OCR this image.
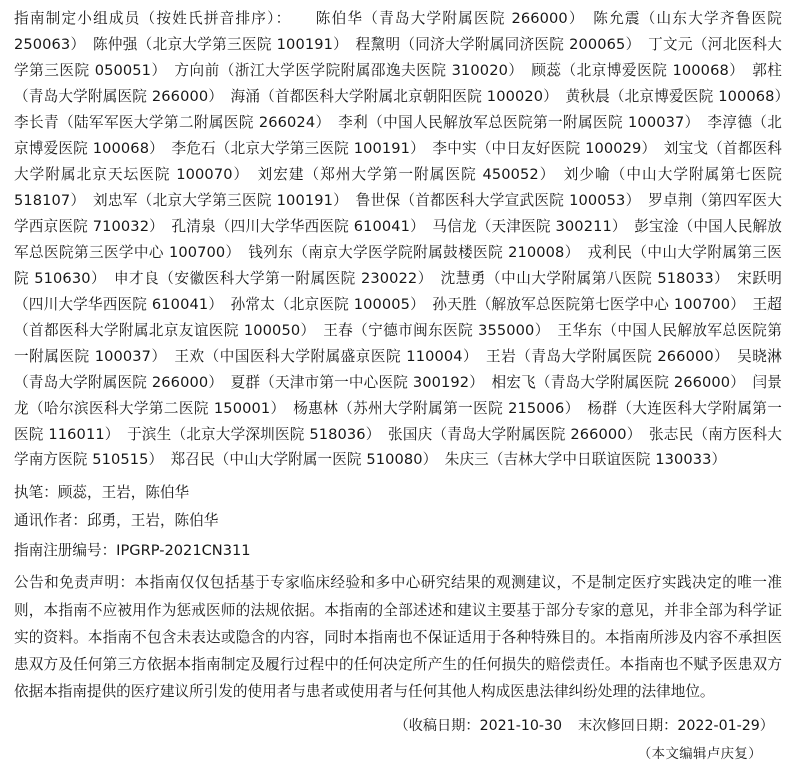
指南制定小组成员（按姓氏拼音排序）：　　陈伯华（青岛大学附属医院 266000）　陈允震（山东大学齐鲁医院 250063）　陈仲强（北京大学第三医院 100191）　程黧明（同济大学附属同济医院 200065）　丁文元（河北医科大学第三医院 050051）　方向前（浙江大学医学院附属邵逸夫医院 310020）　顾蕊（北京博爱医院 100068）　郭柱（青岛大学附属医院 266000）　海涌（首都医科大学附属北京朝阳医院 100020）　黄秋晨（北京博爱医院 100068）　李长青（陆军军医大学第二附属医院 266024）　李利（中国人民解放军总医院第一附属医院 100037）　李淳德（北京博爱医院 100068）　李危石（北京大学第三医院 100191）　李中实（中日友好医院 100029）　刘宝戈（首都医科大学附属北京天坛医院 100070）　刘宏建（郑州大学第一附属医院 450052）　刘少喻（中山大学附属第七医院 518107）　刘忠军（北京大学第三医院 100191）　鲁世保（首都医科大学宣武医院 100053）　罗卓荆（第四军医大学西京医院 710032）　孔清泉（四川大学华西医院 610041）　马信龙（天津医院 300211）　彭宝淦（中国人民解放军总医院第三医学中心 100700）　钱列东（南京大学医学院附属鼓楼医院 210008）　戎利民（中山大学附属第三医院 510630）　申才良（安徽医科大学第一附属医院 230022）　沈慧勇（中山大学附属第八医院 518033）　宋跃明（四川大学华西医院 610041）　孙常太（北京医院 100005）　孙天胜（解放军总医院第七医学中心 100700）　王超（首都医科大学附属北京友谊医院 100050）　王春（宁德市闽东医院 355000）　王华东（中国人民解放军总医院第一附属医院 100037）　王欢（中国医科大学附属盛京医院 110004）　王岩（青岛大学附属医院 266000）　吴晓淋（青岛大学附属医院 266000）　夏群（天津市第一中心医院 300192）　相宏飞（青岛大学附属医院 266000）　闫景龙（哈尔滨医科大学第二医院 150001）　杨惠林（苏州大学附属第一医院 215006）　杨群（大连医科大学附属第一医院 116011）　于滨生（北京大学深圳医院 518036）　张国庆（青岛大学附属医院 266000）　张志民（南方医科大学南方医院 510515）　郑召民（中山大学附属一医院 510080）　朱庆三（吉林大学中日联谊医院 130033）

执笔：顾蕊，王岩，陈伯华

通讯作者：邱勇，王岩，陈伯华

指南注册编号：IPGRP-2021CN311

公告和免责声明：本指南仅仅包括基于专家临床经验和多中心研究结果的观测建议，不是制定医疗实践决定的唯一准则，本指南不应被用作为惩戒医师的法规依据。本指南的全部述述和建议主要基于部分专家的意见，并非全部为科学证实的资料。本指南不包含未表达或隐含的内容，同时本指南也不保证适用于各种特殊目的。本指南所涉及内容不承担医患双方及任何第三方依据本指南制定及履行过程中的任何决定所产生的任何损失的赔偿责任。本指南也不赋予医患双方依据本指南提供的医疗建议所引发的使用者与患者或使用者与任何其他人构成医患法律纠纷处理的法律地位。

（收稿日期：2021-10-30 末次修回日期：2022-01-29）

（本文编辑卢庆复）
